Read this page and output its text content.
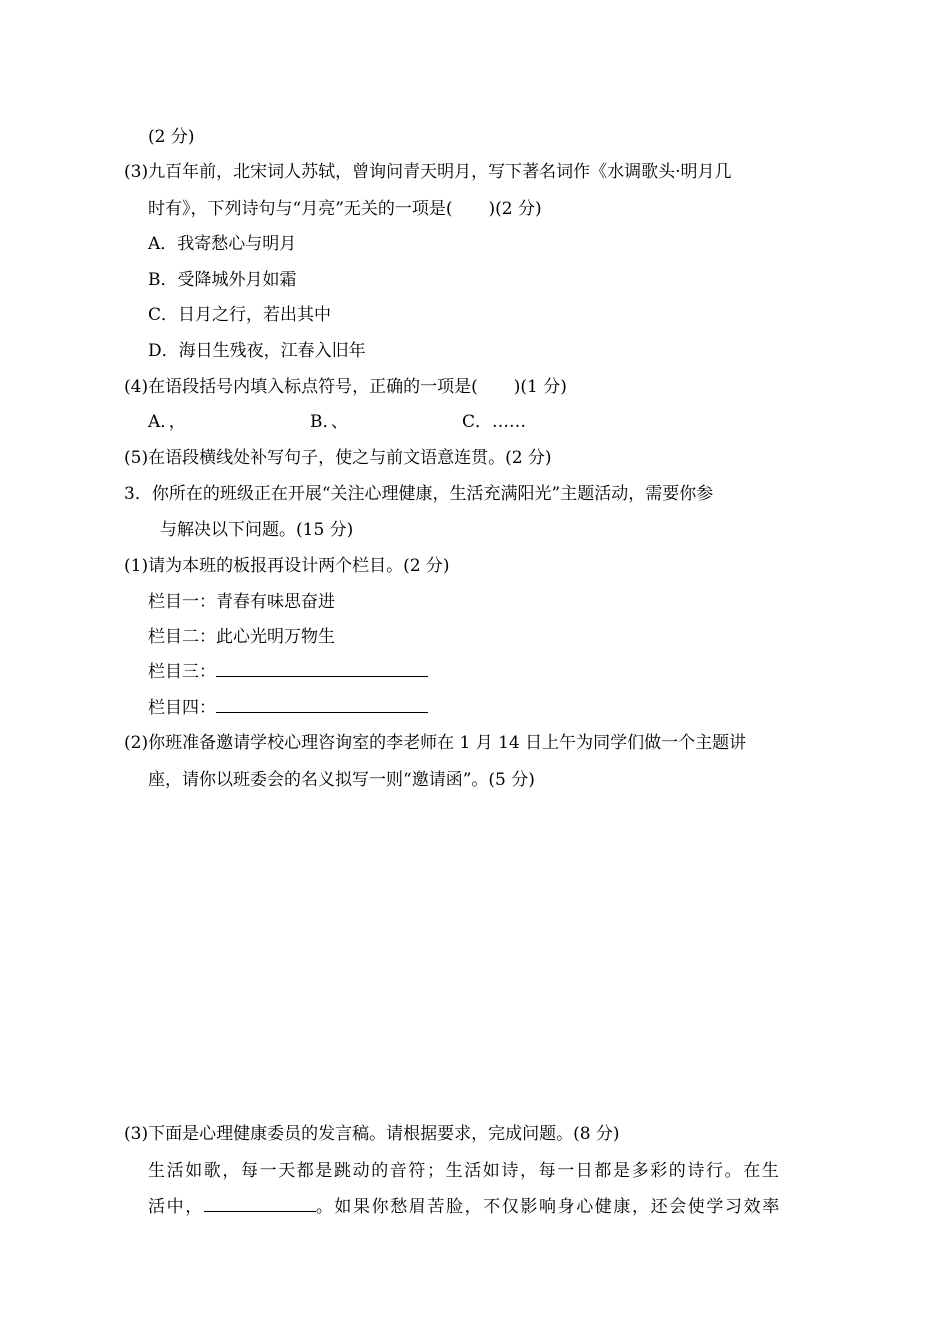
(2 分)
(3)九百年前，北宋词人苏轼，曾询问青天明月，写下著名词作《水调歌头·明月几
时有》，下列诗句与“月亮”无关的一项是( )(2 分)
A．我寄愁心与明月
B．受降城外月如霜
C．日月之行，若出其中
D．海日生残夜，江春入旧年
(4)在语段括号内填入标点符号，正确的一项是( )(1 分)
A．，	B．、	C．……
(5)在语段横线处补写句子，使之与前文语意连贯。(2 分)
3．你所在的班级正在开展“关注心理健康，生活充满阳光”主题活动，需要你参
与解决以下问题。(15 分)
(1)请为本班的板报再设计两个栏目。(2 分)
栏目一：青春有味思奋进
栏目二：此心光明万物生
栏目三：
栏目四：
(2)你班准备邀请学校心理咨询室的李老师在 1 月 14 日上午为同学们做一个主题讲
座，请你以班委会的名义拟写一则“邀请函”。(5 分)
(3)下面是心理健康委员的发言稿。请根据要求，完成问题。(8 分)
生活如歌，每一天都是跳动的音符；生活如诗，每一日都是多彩的诗行。在生
活中，	。如果你愁眉苦脸，不仅影响身心健康，还会使学习效率
